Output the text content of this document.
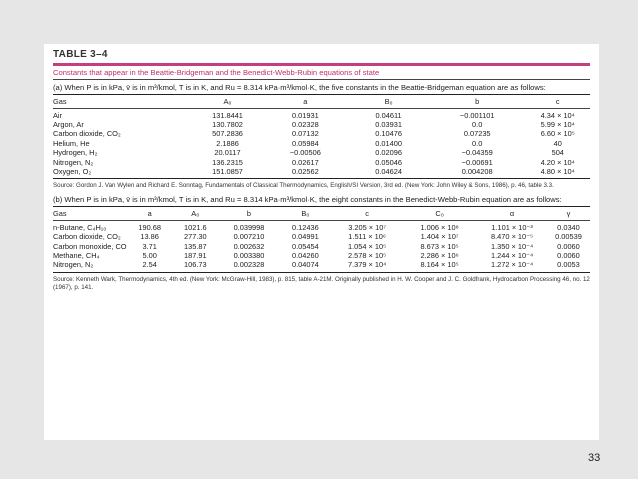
TABLE 3–4
Constants that appear in the Beattie-Bridgeman and the Benedict-Webb-Rubin equations of state
(a) When P is in kPa, v̄ is in m³/kmol, T is in K, and Ru = 8.314 kPa·m³/kmol·K, the five constants in the Beattie-Bridgeman equation are as follows:
Gas	A₀	a	B₀	b	c
Air	131.8441	0.01931	0.04611	−0.001101	4.34 × 10⁴
Argon, Ar	130.7802	0.02328	0.03931	0.0	5.99 × 10⁴
Carbon dioxide, CO₂	507.2836	0.07132	0.10476	0.07235	6.60 × 10⁵
Helium, He	2.1886	0.05984	0.01400	0.0	40
Hydrogen, H₂	20.0117	−0.00506	0.02096	−0.04359	504
Nitrogen, N₂	136.2315	0.02617	0.05046	−0.00691	4.20 × 10⁴
Oxygen, O₂	151.0857	0.02562	0.04624	0.004208	4.80 × 10⁴
Source: Gordon J. Van Wylen and Richard E. Sonntag, Fundamentals of Classical Thermodynamics, English/SI Version, 3rd ed. (New York: John Wiley & Sons, 1986), p. 46, table 3.3.
(b) When P is in kPa, v̄ is in m³/kmol, T is in K, and Ru = 8.314 kPa·m³/kmol·K, the eight constants in the Benedict-Webb-Rubin equation are as follows:
Gas	a	A₀	b	B₀	c	C₀	α	γ
n-Butane, C₄H₁₀	190.68	1021.6	0.039998	0.12436	3.205 × 10⁷	1.006 × 10⁸	1.101 × 10⁻³	0.0340
Carbon dioxide, CO₂	13.86	277.30	0.007210	0.04991	1.511 × 10⁶	1.404 × 10⁷	8.470 × 10⁻⁵	0.00539
Carbon monoxide, CO	3.71	135.87	0.002632	0.05454	1.054 × 10⁵	8.673 × 10⁵	1.350 × 10⁻⁴	0.0060
Methane, CH₄	5.00	187.91	0.003380	0.04260	2.578 × 10⁵	2.286 × 10⁶	1.244 × 10⁻⁴	0.0060
Nitrogen, N₂	2.54	106.73	0.002328	0.04074	7.379 × 10⁴	8.164 × 10⁵	1.272 × 10⁻⁴	0.0053
Source: Kenneth Wark, Thermodynamics, 4th ed. (New York: McGraw-Hill, 1983), p. 815, table A-21M. Originally published in H. W. Cooper and J. C. Goldfrank, Hydrocarbon Processing 46, no. 12 (1967), p. 141.
33
